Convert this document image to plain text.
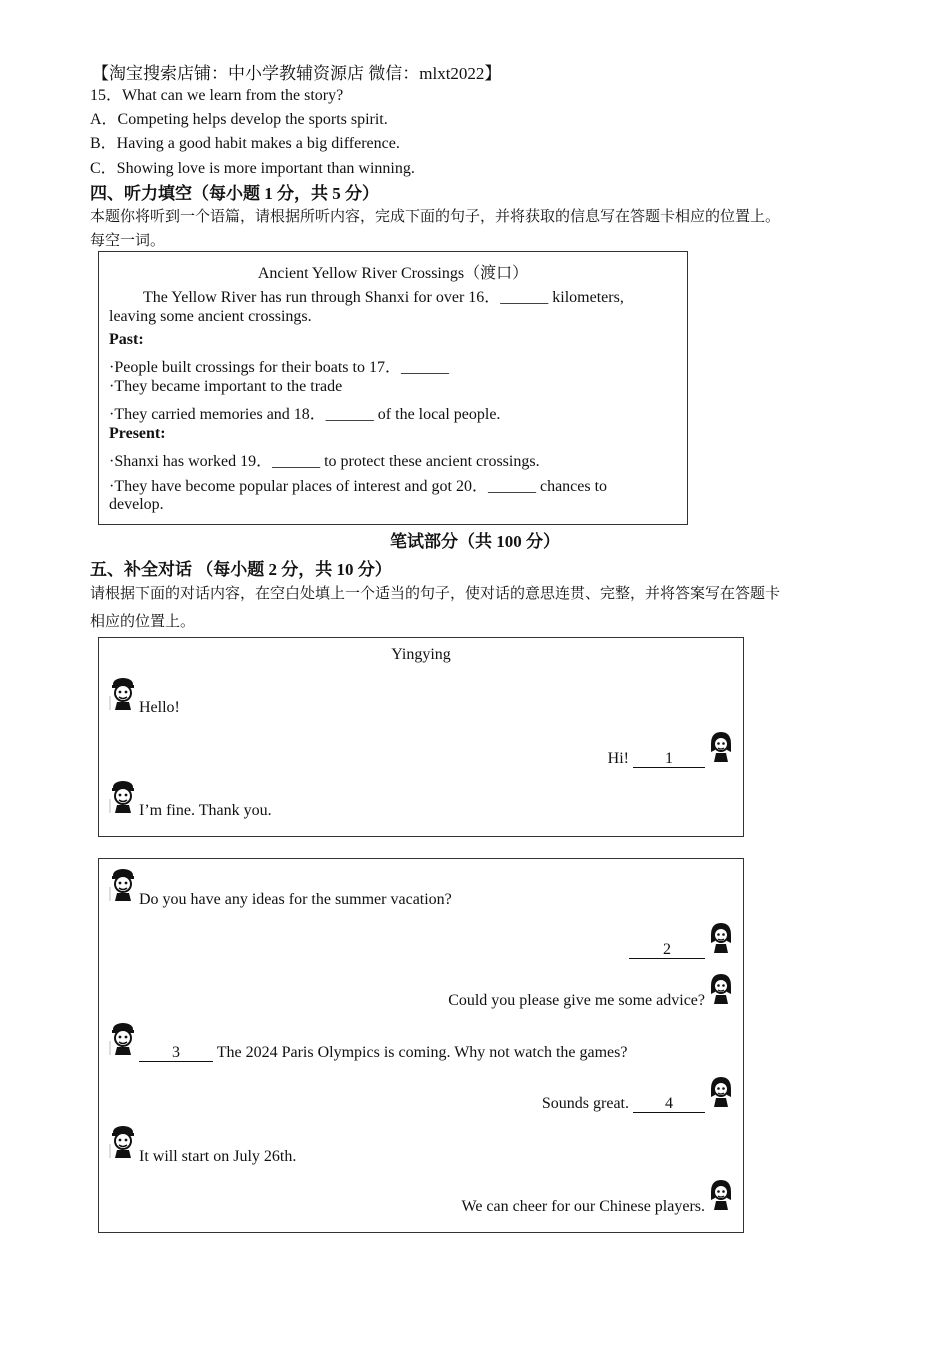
【淘宝搜索店铺：中小学教辅资源店 微信：mlxt2022】
15．What can we learn from the story?
A．Competing helps develop the sports spirit.
B．Having a good habit makes a big difference.
C．Showing love is more important than winning.
四、听力填空（每小题 1 分，共 5 分）
本题你将听到一个语篇，请根据所听内容，完成下面的句子，并将获取的信息写在答题卡相应的位置上。
每空一词。
Ancient Yellow River Crossings（渡口）
The Yellow River has run through Shanxi for over 16．______ kilometers,
leaving some ancient crossings.
Past:
·People built crossings for their boats to 17．______
·They became important to the trade
·They carried memories and 18．______ of the local people.
Present:
·Shanxi has worked 19．______ to protect these ancient crossings.
·They have become popular places of interest and got 20．______ chances to
develop.
笔试部分（共 100 分）
五、补全对话 （每小题 2 分，共 10 分）
请根据下面的对话内容，在空白处填上一个适当的句子，使对话的意思连贯、完整，并将答案写在答题卡
相应的位置上。
Yingying
Hello!
Hi! 1
I’m fine. Thank you.
Do you have any ideas for the summer vacation?
2
Could you please give me some advice?
3 The 2024 Paris Olympics is coming. Why not watch the games?
Sounds great. 4
It will start on July 26th.
We can cheer for our Chinese players.
